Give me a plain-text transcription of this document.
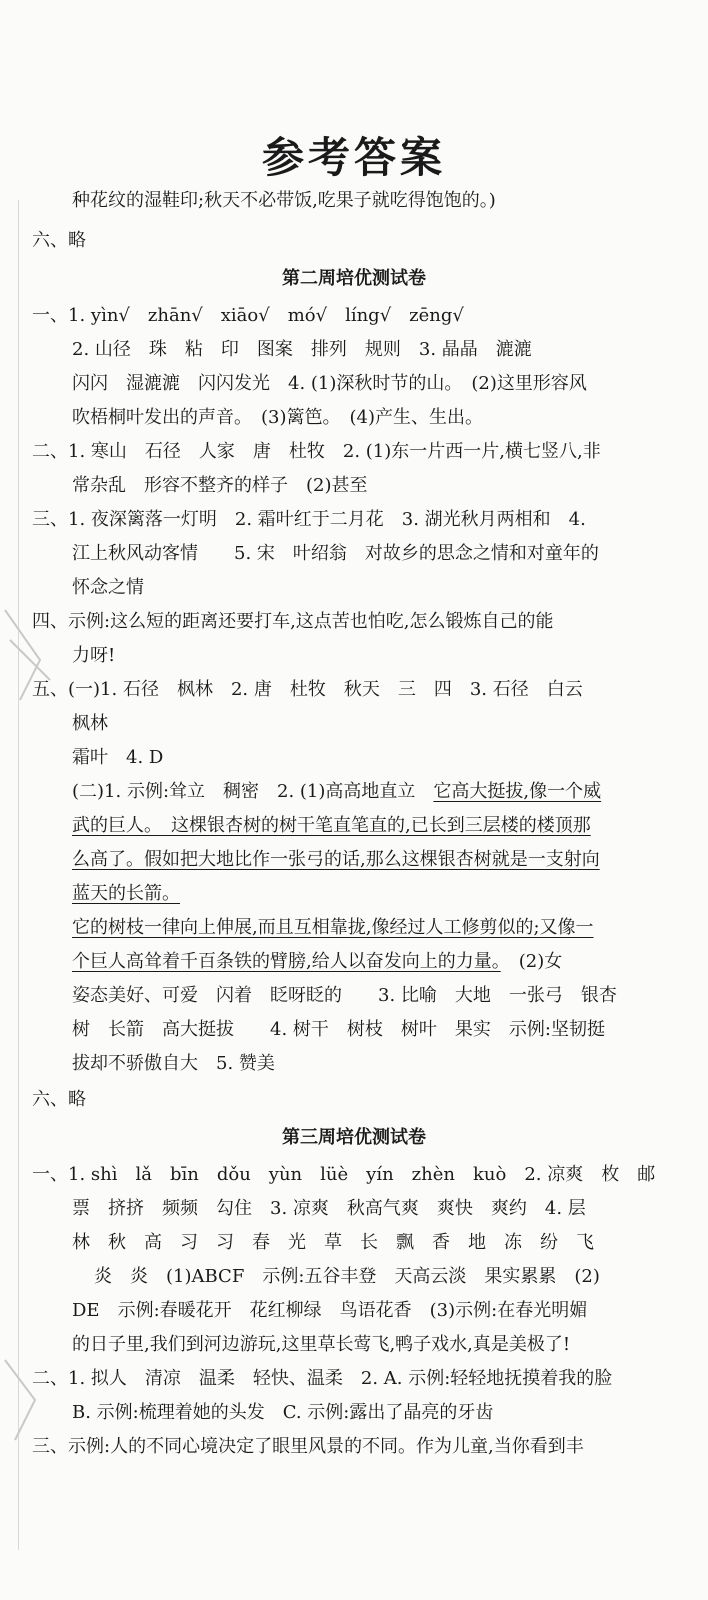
参考答案
种花纹的湿鞋印;秋天不必带饭,吃果子就吃得饱饱的。)
六、略
第二周培优测试卷
一、1. yìn√　zhān√　xiāo√　mó√　líng√　zēng√
2. 山径　珠　粘　印　图案　排列　规则　3. 晶晶　漉漉
闪闪　湿漉漉　闪闪发光　4. (1)深秋时节的山。　(2)这里形容风
吹梧桐叶发出的声音。　(3)篱笆。　(4)产生、生出。
二、1. 寒山　石径　人家　唐　杜牧　2. (1)东一片西一片,横七竖八,非
常杂乱　形容不整齐的样子　(2)甚至
三、1. 夜深篱落一灯明　2. 霜叶红于二月花　3. 湖光秋月两相和　4.
江上秋风动客情　　5. 宋　叶绍翁　对故乡的思念之情和对童年的
怀念之情
四、示例:这么短的距离还要打车,这点苦也怕吃,怎么锻炼自己的能
力呀!
五、(一)1. 石径　枫林　2. 唐　杜牧　秋天　三　四　3. 石径　白云
枫林
霜叶　4. D
(二)1. 示例:耸立　稠密　2. (1)高高地直立　它高大挺拔,像一个威
武的巨人。　这棵银杏树的树干笔直笔直的,已长到三层楼的楼顶那
么高了。假如把大地比作一张弓的话,那么这棵银杏树就是一支射向
蓝天的长箭。
它的树枝一律向上伸展,而且互相靠拢,像经过人工修剪似的;又像一
个巨人高耸着千百条铁的臂膀,给人以奋发向上的力量。　(2)女
姿态美好、可爱　闪着　眨呀眨的　　3. 比喻　大地　一张弓　银杏
树　长箭　高大挺拔　　4. 树干　树枝　树叶　果实　示例:坚韧挺
拔却不骄傲自大　5. 赞美
六、略
第三周培优测试卷
一、1. shì　lǎ　bīn　dǒu　yùn　lüè　yín　zhèn　kuò　2. 凉爽　枚　邮
票　挤挤　频频　勾住　3. 凉爽　秋高气爽　爽快　爽约　4. 层
林　秋　高　习　习　春　光　草　长　飘　香　地　冻　纷　飞
炎　炎　(1)ABCF　示例:五谷丰登　天高云淡　果实累累　(2)
DE　示例:春暖花开　花红柳绿　鸟语花香　(3)示例:在春光明媚
的日子里,我们到河边游玩,这里草长莺飞,鸭子戏水,真是美极了!
二、1. 拟人　清凉　温柔　轻快、温柔　2. A. 示例:轻轻地抚摸着我的脸
B. 示例:梳理着她的头发　C. 示例:露出了晶亮的牙齿
三、示例:人的不同心境决定了眼里风景的不同。作为儿童,当你看到丰
